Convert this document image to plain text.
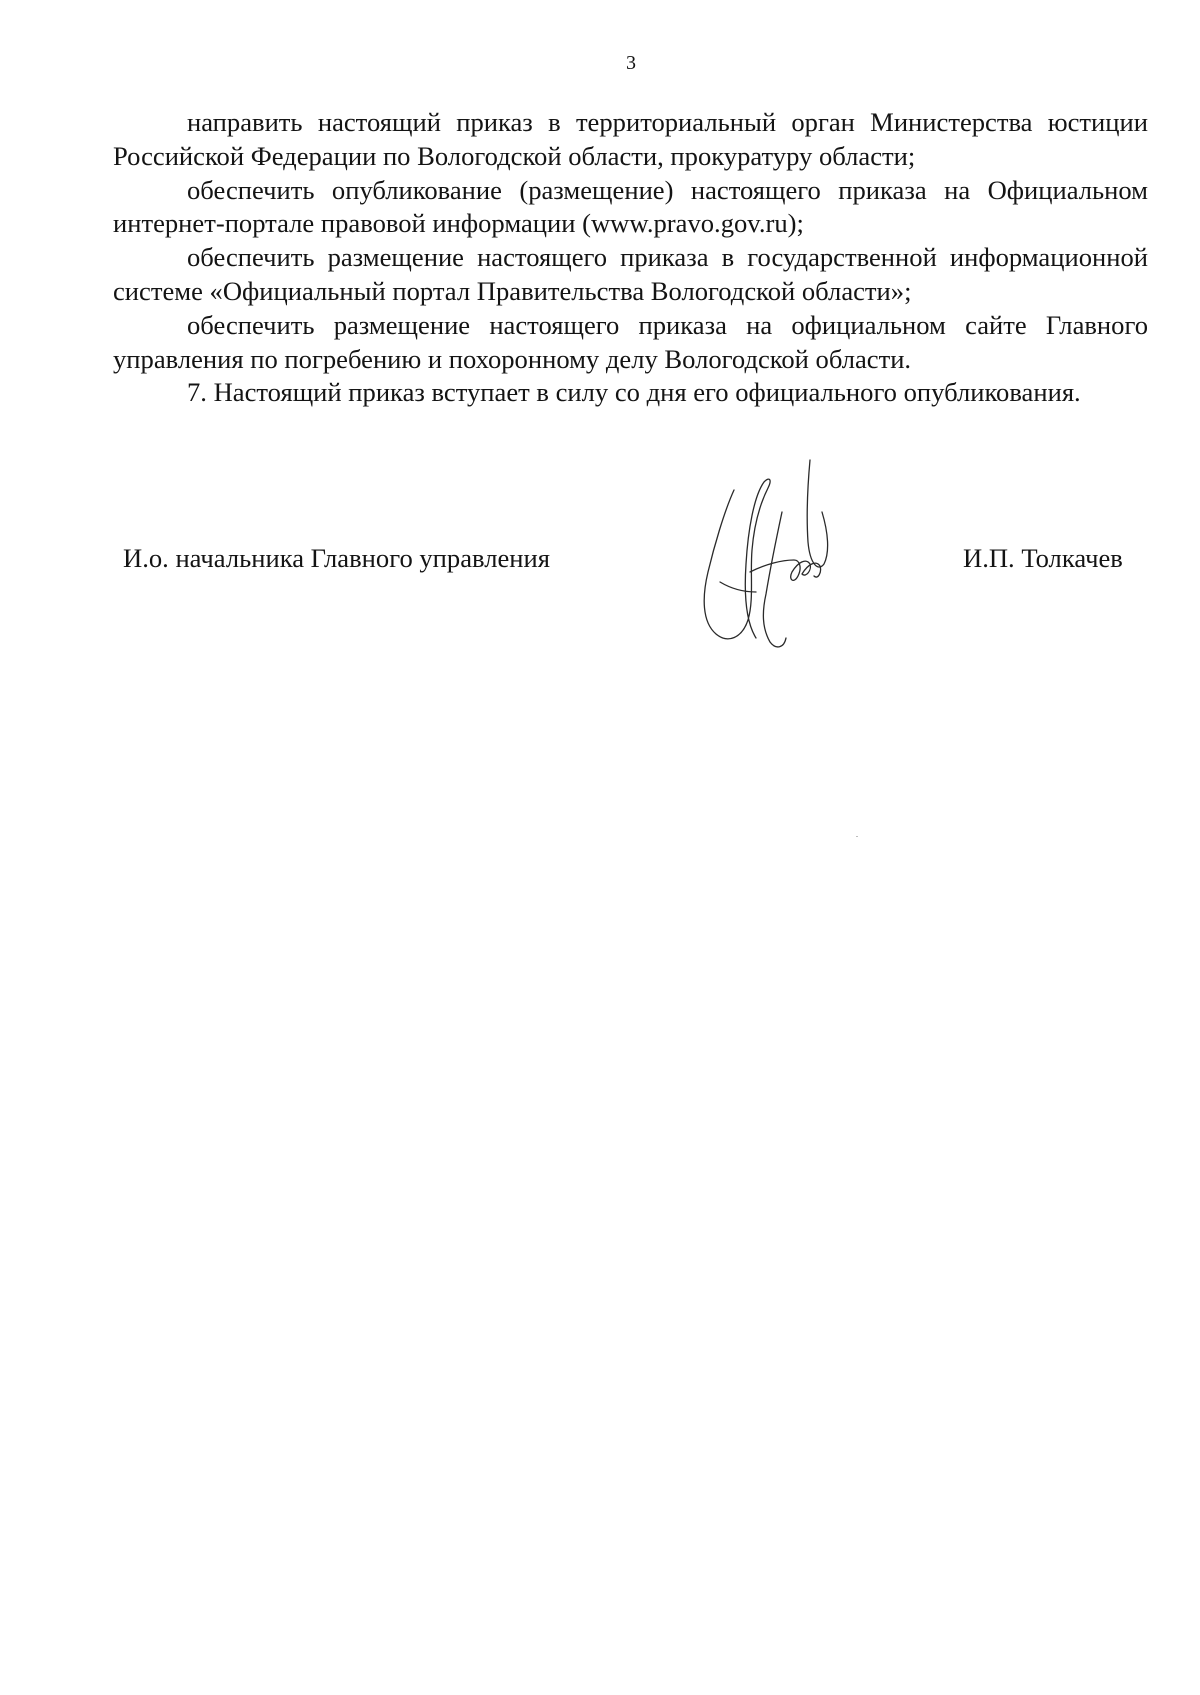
3

направить настоящий приказ в территориальный орган Министерства юстиции Российской Федерации по Вологодской области, прокуратуру области;

обеспечить опубликование (размещение) настоящего приказа на Официальном интернет-портале правовой информации (www.pravo.gov.ru);

обеспечить размещение настоящего приказа в государственной информационной системе «Официальный портал Правительства Вологодской области»;

обеспечить размещение настоящего приказа на официальном сайте Главного управления по погребению и похоронному делу Вологодской области.

7. Настоящий приказ вступает в силу со дня его официального опубликования.

И.о. начальника Главного управления	И.П. Толкачев
